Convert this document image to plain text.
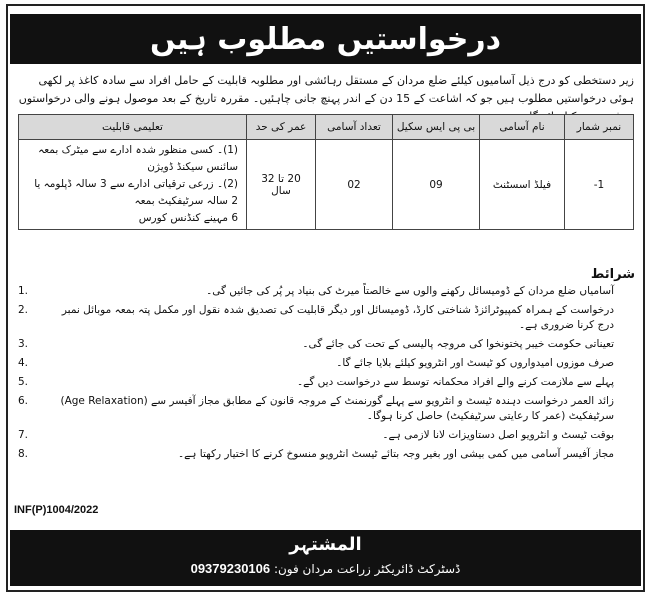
درخواستیں مطلوب ہیں
زیر دستخطی کو درج ذیل آسامیوں کیلئے ضلع مردان کے مستقل رہائشی اور مطلوبہ قابلیت کے حامل افراد سے سادہ کاغذ پر لکھی ہوئی درخواستیں مطلوب ہیں جو کہ اشاعت کے 15 دن کے اندر پہنچ جانی چاہئیں۔ مقررہ تاریخ کے بعد موصول ہونے والی درخواستوں
نمبر شمار	نام آسامی	بی پی ایس سکیل	تعداد آسامی	عمر کی حد	تعلیمی قابلیت
1-	فیلڈ اسسٹنٹ	09	02	20 تا 32 سال	(1)۔ کسی منظور شدہ ادارے سے میٹرک بمعہ سائنس سیکنڈ ڈویژن
(2)۔ زرعی ترقیاتی ادارے سے 3 سالہ ڈپلومہ یا 2 سالہ سرٹیفکیٹ بمعہ
6 مہینے کنڈنس کورس
شرائط
آسامیاں ضلع مردان کے ڈومیسائل رکھنے والوں سے خالصتاً میرٹ کی بنیاد پر پُر کی جائیں گی۔
1.
درخواست کے ہمراہ کمپیوٹرائزڈ شناختی کارڈ، ڈومیسائل اور دیگر قابلیت کی تصدیق شدہ نقول اور مکمل پتہ بمعہ موبائل نمبر درج کرنا ضروری ہے۔
2.
تعیناتی حکومت خیبر پختونخوا کی مروجہ پالیسی کے تحت کی جائے گی۔
3.
صرف موزوں امیدواروں کو ٹیسٹ اور انٹرویو کیلئے بلایا جائے گا۔
4.
پہلے سے ملازمت کرنے والے افراد محکمانہ توسط سے درخواست دیں گے۔
5.
زائد العمر درخواست دہندہ ٹیسٹ و انٹرویو سے پہلے گورنمنٹ کے مروجہ قانون کے مطابق مجاز آفیسر سے (Age Relaxation) سرٹیفکیٹ (عمر کا رعایتی سرٹیفکیٹ) حاصل کرنا ہوگا۔
6.
بوقت ٹیسٹ و انٹرویو اصل دستاویزات لانا لازمی ہے۔
7.
مجاز آفیسر آسامی میں کمی بیشی اور بغیر وجہ بتائے ٹیسٹ انٹرویو منسوخ کرنے کا اختیار رکھتا ہے۔
8.
INF(P)1004/2022
المشتہر
ڈسٹرکٹ ڈائریکٹر زراعت مردان فون: 09379230106
